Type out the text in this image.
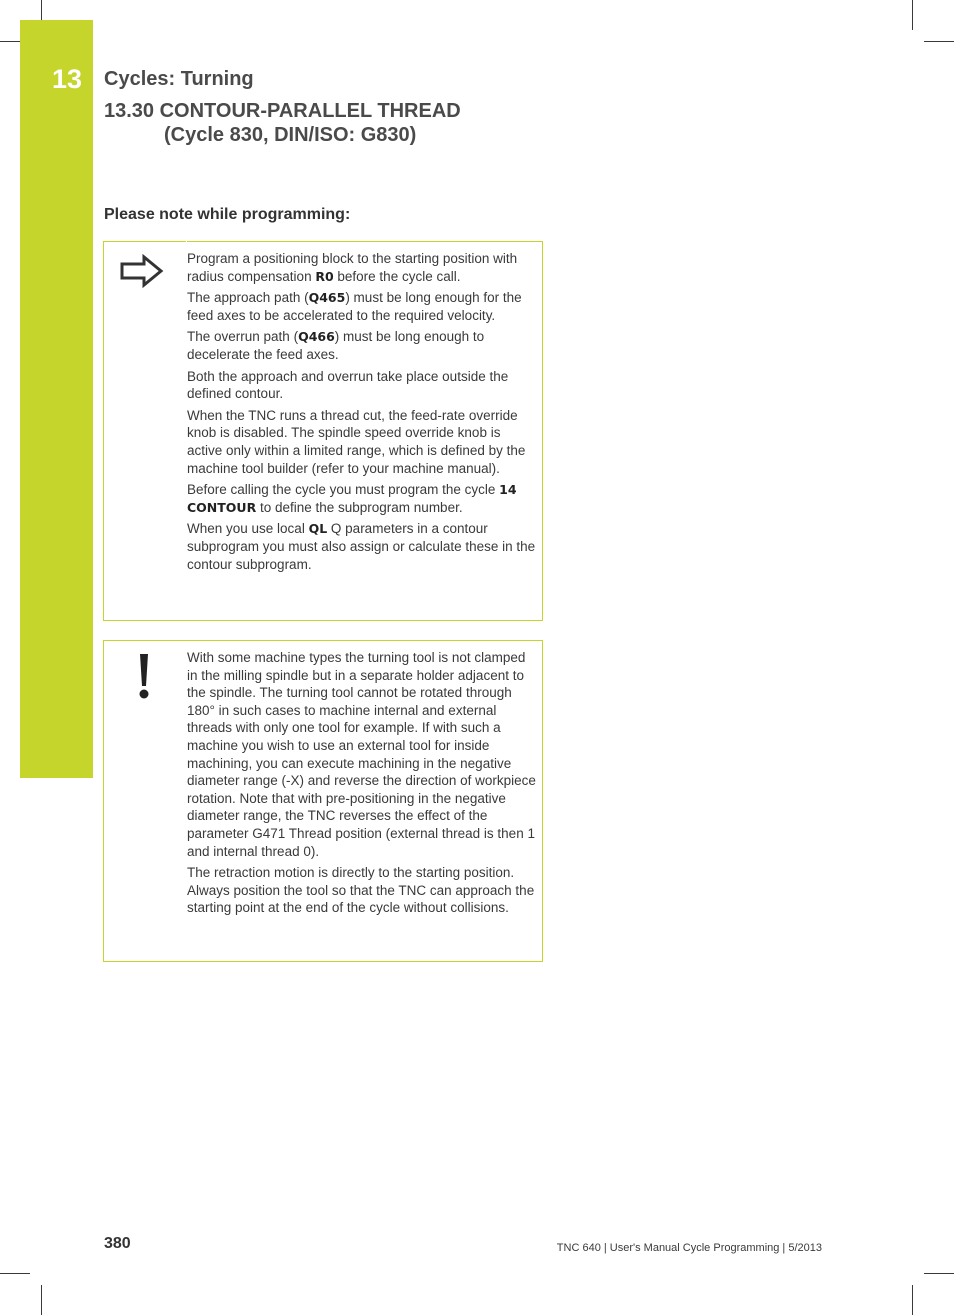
13 Cycles: Turning
13.30 CONTOUR-PARALLEL THREAD
(Cycle 830, DIN/ISO: G830)
Please note while programming:

Program a positioning block to the starting position with radius compensation R0 before the cycle call.

The approach path (Q465) must be long enough for the feed axes to be accelerated to the required velocity.

The overrun path (Q466) must be long enough to decelerate the feed axes.

Both the approach and overrun take place outside the defined contour.

When the TNC runs a thread cut, the feed-rate override knob is disabled. The spindle speed override knob is active only within a limited range, which is defined by the machine tool builder (refer to your machine manual).

Before calling the cycle you must program the cycle 14 CONTOUR to define the subprogram number.

When you use local QL Q parameters in a contour subprogram you must also assign or calculate these in the contour subprogram.

With some machine types the turning tool is not clamped in the milling spindle but in a separate holder adjacent to the spindle. The turning tool cannot be rotated through 180° in such cases to machine internal and external threads with only one tool for example. If with such a machine you wish to use an external tool for inside machining, you can execute machining in the negative diameter range (-X) and reverse the direction of workpiece rotation. Note that with pre-positioning in the negative diameter range, the TNC reverses the effect of the parameter G471 Thread position (external thread is then 1 and internal thread 0).

The retraction motion is directly to the starting position. Always position the tool so that the TNC can approach the starting point at the end of the cycle without collisions.

380	TNC 640 | User's Manual Cycle Programming | 5/2013
